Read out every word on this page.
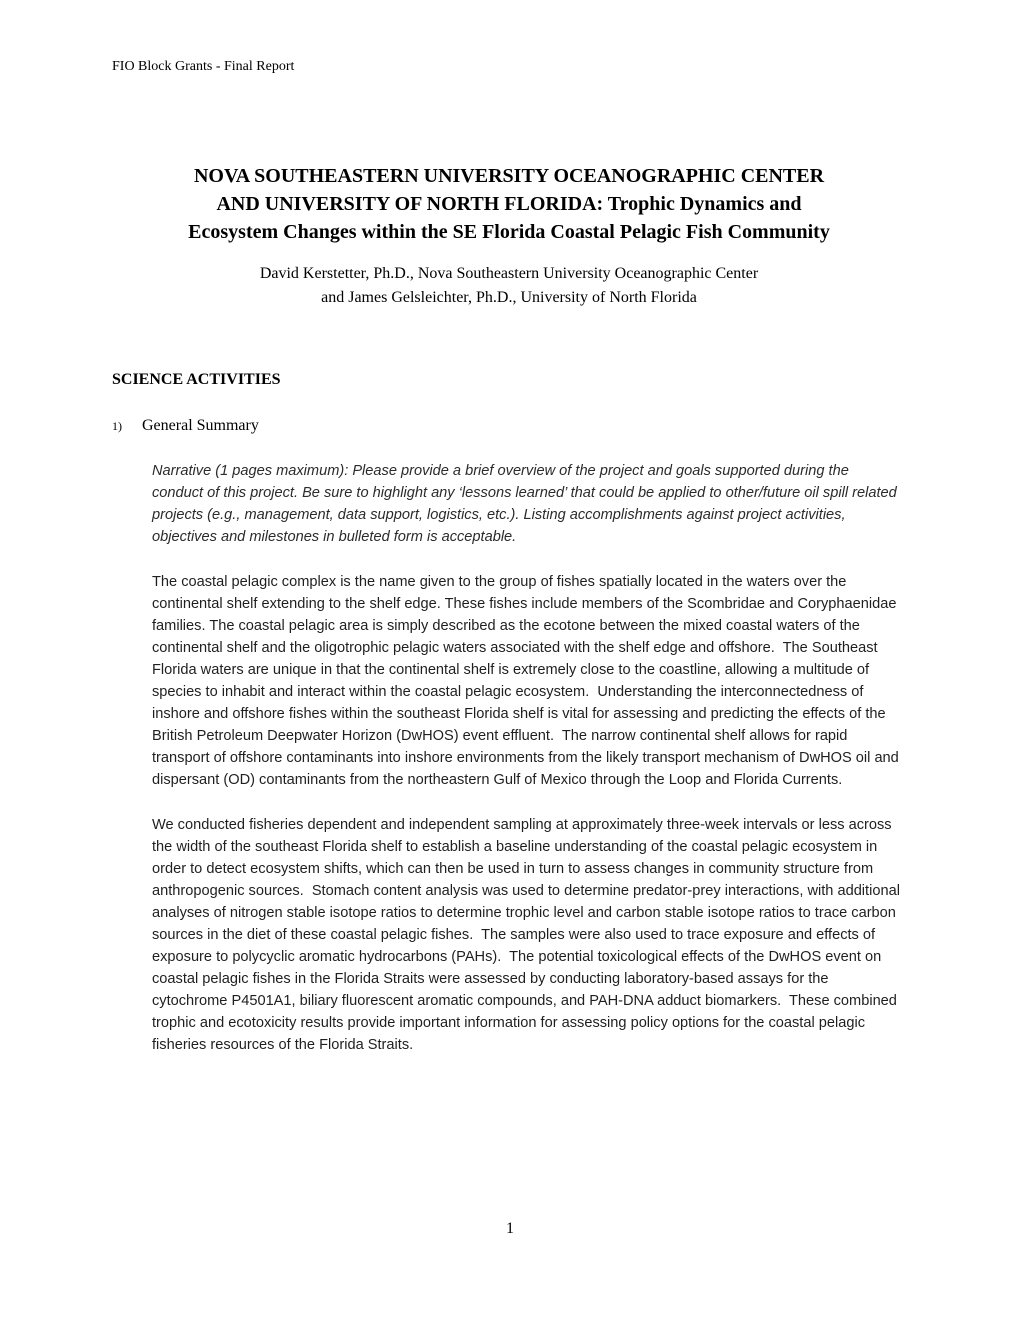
FIO Block Grants - Final Report
NOVA SOUTHEASTERN UNIVERSITY OCEANOGRAPHIC CENTER
AND UNIVERSITY OF NORTH FLORIDA: Trophic Dynamics and
Ecosystem Changes within the SE Florida Coastal Pelagic Fish Community
David Kerstetter, Ph.D., Nova Southeastern University Oceanographic Center
and James Gelsleichter, Ph.D., University of North Florida
SCIENCE ACTIVITIES
1) General Summary
Narrative (1 pages maximum): Please provide a brief overview of the project and goals supported during the conduct of this project. Be sure to highlight any ‘lessons learned’ that could be applied to other/future oil spill related projects (e.g., management, data support, logistics, etc.). Listing accomplishments against project activities, objectives and milestones in bulleted form is acceptable.
The coastal pelagic complex is the name given to the group of fishes spatially located in the waters over the continental shelf extending to the shelf edge. These fishes include members of the Scombridae and Coryphaenidae families. The coastal pelagic area is simply described as the ecotone between the mixed coastal waters of the continental shelf and the oligotrophic pelagic waters associated with the shelf edge and offshore.  The Southeast Florida waters are unique in that the continental shelf is extremely close to the coastline, allowing a multitude of species to inhabit and interact within the coastal pelagic ecosystem.  Understanding the interconnectedness of inshore and offshore fishes within the southeast Florida shelf is vital for assessing and predicting the effects of the British Petroleum Deepwater Horizon (DwHOS) event effluent.  The narrow continental shelf allows for rapid transport of offshore contaminants into inshore environments from the likely transport mechanism of DwHOS oil and dispersant (OD) contaminants from the northeastern Gulf of Mexico through the Loop and Florida Currents.
We conducted fisheries dependent and independent sampling at approximately three-week intervals or less across the width of the southeast Florida shelf to establish a baseline understanding of the coastal pelagic ecosystem in order to detect ecosystem shifts, which can then be used in turn to assess changes in community structure from anthropogenic sources.  Stomach content analysis was used to determine predator-prey interactions, with additional analyses of nitrogen stable isotope ratios to determine trophic level and carbon stable isotope ratios to trace carbon sources in the diet of these coastal pelagic fishes.  The samples were also used to trace exposure and effects of exposure to polycyclic aromatic hydrocarbons (PAHs).  The potential toxicological effects of the DwHOS event on coastal pelagic fishes in the Florida Straits were assessed by conducting laboratory-based assays for the cytochrome P4501A1, biliary fluorescent aromatic compounds, and PAH-DNA adduct biomarkers.  These combined trophic and ecotoxicity results provide important information for assessing policy options for the coastal pelagic fisheries resources of the Florida Straits.
1
